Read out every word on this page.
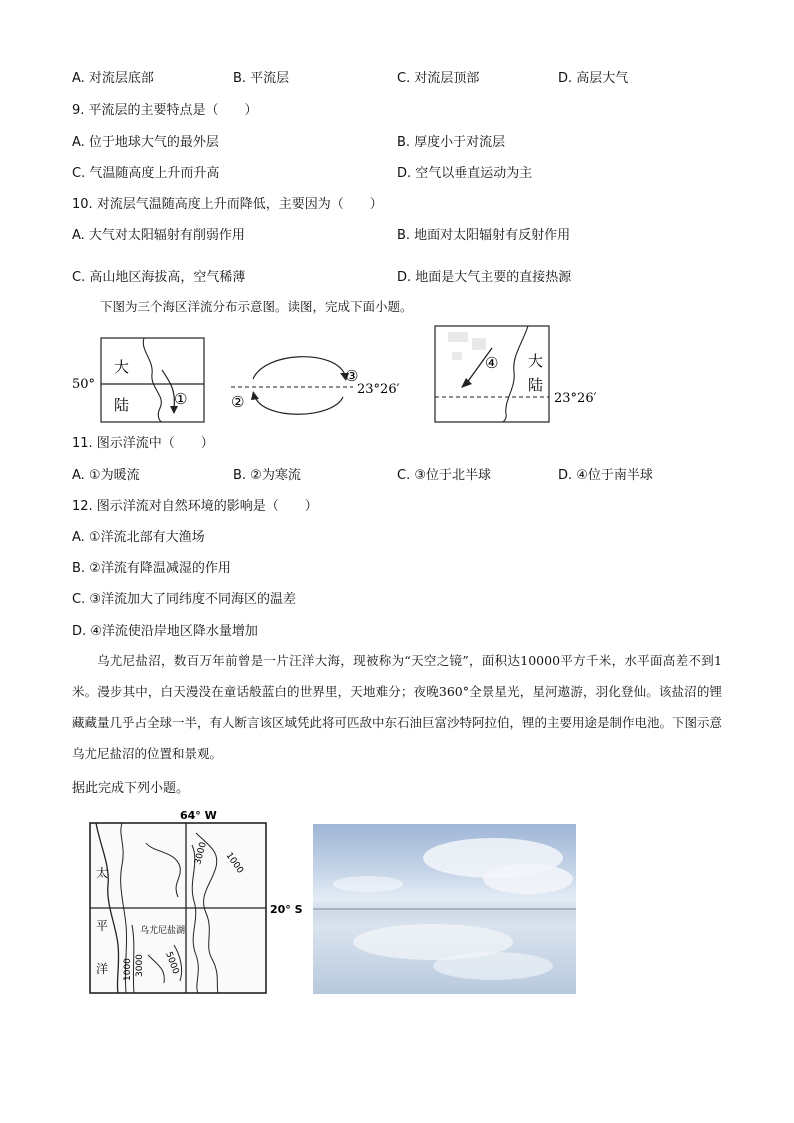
A. 对流层底部	B. 平流层	C. 对流层顶部	D. 高层大气
9. 平流层的主要特点是（　　）
A. 位于地球大气的最外层	B. 厚度小于对流层
C. 气温随高度上升而升高	D. 空气以垂直运动为主
10. 对流层气温随高度上升而降低，主要因为（　　）
A. 大气对太阳辐射有削弱作用	B. 地面对太阳辐射有反射作用
C. 高山地区海拔高，空气稀薄	D. 地面是大气主要的直接热源
下图为三个海区洋流分布示意图。读图，完成下面小题。
大
陆
50°
①	②
③
23°26′
大
陆
④
23°26′
11. 图示洋流中（　　）
A. ①为暖流	B. ②为寒流	C. ③位于北半球	D. ④位于南半球
12. 图示洋流对自然环境的影响是（　　）
A. ①洋流北部有大渔场
B. ②洋流有降温减湿的作用
C. ③洋流加大了同纬度不同海区的温差
D. ④洋流使沿岸地区降水量增加
乌尤尼盐沼，数百万年前曾是一片汪洋大海，现被称为“天空之镜”，面积达10000平方千米，水平面高差不到1米。漫步其中，白天漫没在童话般蓝白的世界里，天地难分；夜晚360°全景星光，星河遨游，羽化登仙。该盐沼的锂藏藏量几乎占全球一半，有人断言该区域凭此将可匹敌中东石油巨富沙特阿拉伯，锂的主要用途是制作电池。下图示意乌尤尼盐沼的位置和景观。
据此完成下列小题。
64° W
20° S
太
平
洋
乌尤尼盐湖
1000
3000
1000 3000 5000
